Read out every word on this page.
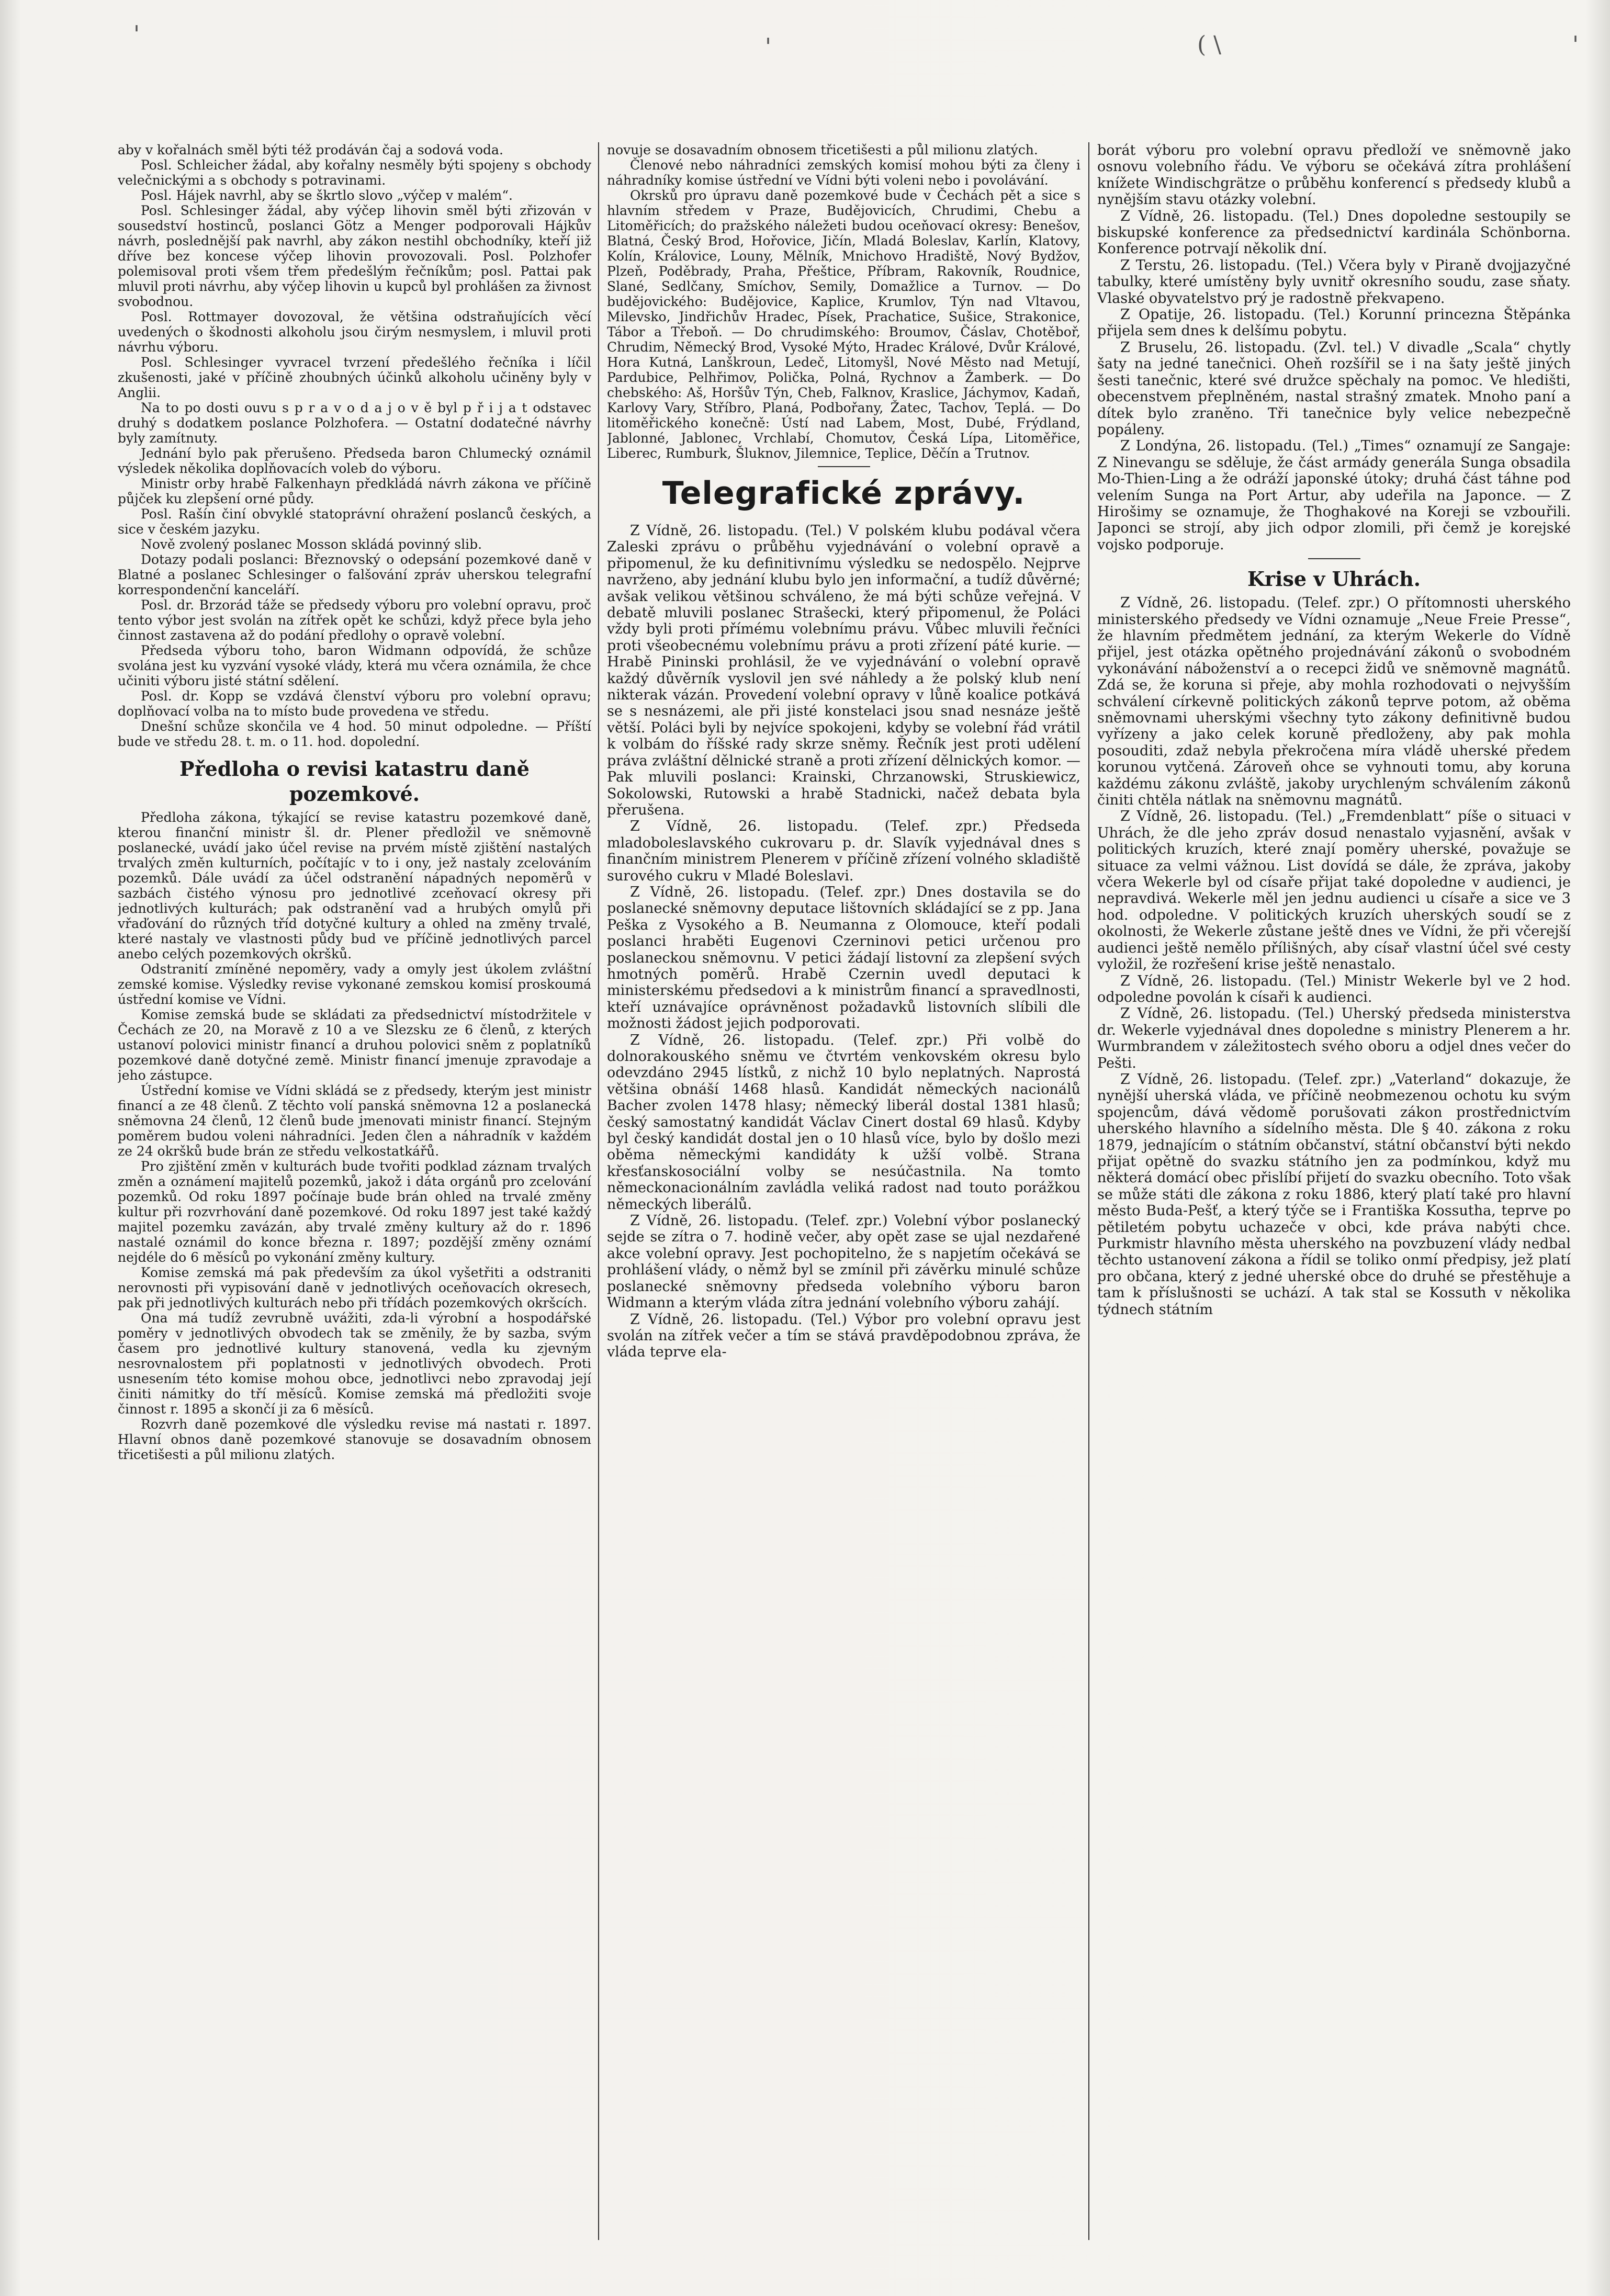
'	'	( \	'

aby v kořalnách směl býti též prodáván čaj a sodová voda.

Posl. Schleicher žádal, aby kořalny nesměly býti spojeny s obchody velečnickými a s obchody s potravinami.

Posl. Hájek navrhl, aby se škrtlo slovo „výčep v malém“.

Posl. Schlesinger žádal, aby výčep lihovin směl býti zřizován v sousedství hostinců, poslanci Götz a Menger podporovali Hájkův návrh, poslednější pak navrhl, aby zákon nestihl obchodníky, kteří již dříve bez koncese výčep lihovin provozovali. Posl. Polzhofer polemisoval proti všem třem předešlým řečníkům; posl. Pattai pak mluvil proti návrhu, aby výčep lihovin u kupců byl prohlášen za živnost svobodnou.

Posl. Rottmayer dovozoval, že většina odstraňujících věcí uvedených o škodnosti alkoholu jsou čirým nesmyslem, i mluvil proti návrhu výboru.

Posl. Schlesinger vyvracel tvrzení předešlého řečníka i líčil zkušenosti, jaké v příčině zhoubných účinků alkoholu učiněny byly v Anglii.

Na to po dosti ouvu s p r a v o d a j o v ě byl p ř i j a t odstavec druhý s dodatkem poslance Polzhofera. — Ostatní dodatečné návrhy byly zamítnuty.

Jednání bylo pak přerušeno. Předseda baron Chlumecký oznámil výsledek několika doplňovacích voleb do výboru.

Ministr orby hrabě Falkenhayn předkládá návrh zákona ve příčině půjček ku zlepšení orné půdy.

Posl. Rašín činí obvyklé statoprávní ohražení poslanců českých, a sice v českém jazyku.

Nově zvolený poslanec Mosson skládá povinný slib.

Dotazy podali poslanci: Březnovský o odepsání pozemkové daně v Blatné a poslanec Schlesinger o falšování zpráv uherskou telegrafní korrespondenční kanceláří.

Posl. dr. Brzorád táže se předsedy výboru pro volební opravu, proč tento výbor jest svolán na zítřek opět ke schůzi, když přece byla jeho činnost zastavena až do podání předlohy o opravě volební.

Předseda výboru toho, baron Widmann odpovídá, že schůze svolána jest ku vyzvání vysoké vlády, která mu včera oznámila, že chce učiniti výboru jisté státní sdělení.

Posl. dr. Kopp se vzdává členství výboru pro volební opravu; doplňovací volba na to místo bude provedena ve středu.

Dnešní schůze skončila ve 4 hod. 50 minut odpoledne. — Příští bude ve středu 28. t. m. o 11. hod. dopolední.

Předloha o revisi katastru daně pozemkové.

Předloha zákona, týkající se revise katastru pozemkové daně, kterou finanční ministr šl. dr. Plener předložil ve sněmovně poslanecké, uvádí jako účel revise na prvém místě zjištění nastalých trvalých změn kulturních, počítajíc v to i ony, jež nastaly zcelováním pozemků. Dále uvádí za účel odstranění nápadných nepoměrů v sazbách čistého výnosu pro jednotlivé zceňovací okresy při jednotlivých kulturách; pak odstranění vad a hrubých omylů při vřaďování do různých tříd dotyčné kultury a ohled na změny trvalé, které nastaly ve vlastnosti půdy bud ve příčině jednotlivých parcel anebo celých pozemkových okršků.

Odstranití zmíněné nepoměry, vady a omyly jest úkolem zvláštní zemské komise. Výsledky revise vykonané zemskou komisí proskoumá ústřední komise ve Vídni.

Komise zemská bude se skládati za předsednictví místodržitele v Čechách ze 20, na Moravě z 10 a ve Slezsku ze 6 členů, z kterých ustanoví polovici ministr financí a druhou polovici sněm z poplatníků pozemkové daně dotyčné země. Ministr financí jmenuje zpravodaje a jeho zástupce.

Ústřední komise ve Vídni skládá se z předsedy, kterým jest ministr financí a ze 48 členů. Z těchto volí panská sněmovna 12 a poslanecká sněmovna 24 členů, 12 členů bude jmenovati ministr financí. Stejným poměrem budou voleni náhradníci. Jeden člen a náhradník v každém ze 24 okršků bude brán ze středu velkostatkářů.

Pro zjištění změn v kulturách bude tvořiti podklad záznam trvalých změn a oznámení majitelů pozemků, jakož i dáta orgánů pro zcelování pozemků. Od roku 1897 počínaje bude brán ohled na trvalé změny kultur při rozvrhování daně pozemkové. Od roku 1897 jest také každý majitel pozemku zavázán, aby trvalé změny kultury až do r. 1896 nastalé oznámil do konce března r. 1897; pozdější změny oznámí nejdéle do 6 měsíců po vykonání změny kultury.

Komise zemská má pak především za úkol vyšetřiti a odstraniti nerovnosti při vypisování daně v jednotlivých oceňovacích okresech, pak při jednotlivých kulturách nebo při třídách pozemkových okršcích.

Ona má tudíž zevrubně uvážiti, zda-li výrobní a hospodářské poměry v jednotlivých obvodech tak se změnily, že by sazba, svým časem pro jednotlivé kultury stanovená, vedla ku zjevným nesrovnalostem při poplatnosti v jednotlivých obvodech. Proti usnesením této komise mohou obce, jednotlivci nebo zpravodaj její činiti námitky do tří měsíců. Komise zemská má předložiti svoje činnost r. 1895 a skončí ji za 6 měsíců.

Rozvrh daně pozemkové dle výsledku revise má nastati r. 1897. Hlavní obnos daně pozemkové stanovuje se dosavadním obnosem třicetišesti a půl milionu zlatých.

novuje se dosavadním obnosem třicetišesti a půl milionu zlatých.

Členové nebo náhradníci zemských komisí mohou býti za členy i náhradníky komise ústřední ve Vídni býti voleni nebo i povolávání.

Okrsků pro úpravu daně pozemkové bude v Čechách pět a sice s hlavním středem v Praze, Budějovicích, Chrudimi, Chebu a Litoměřicích; do pražského náležeti budou oceňovací okresy: Benešov, Blatná, Český Brod, Hořovice, Jičín, Mladá Boleslav, Karlín, Klatovy, Kolín, Královice, Louny, Mělník, Mnichovo Hradiště, Nový Bydžov, Plzeň, Poděbrady, Praha, Přeštice, Příbram, Rakovník, Roudnice, Slané, Sedlčany, Smíchov, Semily, Domažlice a Turnov. — Do budějovického: Budějovice, Kaplice, Krumlov, Týn nad Vltavou, Milevsko, Jindřichův Hradec, Písek, Prachatice, Sušice, Strakonice, Tábor a Třeboň. — Do chrudimského: Broumov, Čáslav, Chotěboř, Chrudim, Německý Brod, Vysoké Mýto, Hradec Králové, Dvůr Králové, Hora Kutná, Lanškroun, Ledeč, Litomyšl, Nové Město nad Metují, Pardubice, Pelhřimov, Polička, Polná, Rychnov a Žamberk. — Do chebského: Aš, Horšův Týn, Cheb, Falknov, Kraslice, Jáchymov, Kadaň, Karlovy Vary, Stříbro, Planá, Podbořany, Žatec, Tachov, Teplá. — Do litoměřického konečně: Ústí nad Labem, Most, Dubé, Frýdland, Jablonné, Jablonec, Vrchlabí, Chomutov, Česká Lípa, Litoměřice, Liberec, Rumburk, Šluknov, Jilemnice, Teplice, Děčín a Trutnov.

Telegrafické zprávy.

Z Vídně, 26. listopadu. (Tel.) V polském klubu podával včera Zaleski zprávu o průběhu vyjednávání o volební opravě a připomenul, že ku definitivnímu výsledku se nedospělo. Nejprve navrženo, aby jednání klubu bylo jen informační, a tudíž důvěrné; avšak velikou většinou schváleno, že má býti schůze veřejná. V debatě mluvili poslanec Strašecki, který připomenul, že Poláci vždy byli proti přímému volebnímu právu. Vůbec mluvili řečníci proti všeobecnému volebnímu právu a proti zřízení páté kurie. — Hrabě Pininski prohlásil, že ve vyjednávání o volební opravě každý důvěrník vyslovil jen své náhledy a že polský klub není nikterak vázán. Provedení volební opravy v lůně koalice potkává se s nesnázemi, ale při jisté konstelaci jsou snad nesnáze ještě větší. Poláci byli by nejvíce spokojeni, kdyby se volební řád vrátil k volbám do říšské rady skrze sněmy. Řečník jest proti udělení práva zvláštní dělnické straně a proti zřízení dělnických komor. — Pak mluvili poslanci: Krainski, Chrzanowski, Struskiewicz, Sokolowski, Rutowski a hrabě Stadnicki, načež debata byla přerušena.

Z Vídně, 26. listopadu. (Telef. zpr.) Předseda mladoboleslavského cukrovaru p. dr. Slavík vyjednával dnes s finančním ministrem Plenerem v příčině zřízení volného skladiště surového cukru v Mladé Boleslavi.

Z Vídně, 26. listopadu. (Telef. zpr.) Dnes dostavila se do poslanecké sněmovny deputace lištovních skládající se z pp. Jana Peška z Vysokého a B. Neumanna z Olomouce, kteří podali poslanci hraběti Eugenovi Czerninovi petici určenou pro poslaneckou sněmovnu. V petici žádají listovní za zlepšení svých hmotných poměrů. Hrabě Czernin uvedl deputaci k ministerskému předsedovi a k ministrům financí a spravedlnosti, kteří uznávajíce oprávněnost požadavků listovních slíbili dle možnosti žádost jejich podporovati.

Z Vídně, 26. listopadu. (Telef. zpr.) Při volbě do dolnorakouského sněmu ve čtvrtém venkovském okresu bylo odevzdáno 2945 lístků, z nichž 10 bylo neplatných. Naprostá většina obnáší 1468 hlasů. Kandidát německých nacionálů Bacher zvolen 1478 hlasy; německý liberál dostal 1381 hlasů; český samostatný kandidát Václav Cinert dostal 69 hlasů. Kdyby byl český kandidát dostal jen o 10 hlasů více, bylo by došlo mezi oběma německými kandidáty k užší volbě. Strana křesťanskosociální volby se nesúčastnila. Na tomto německonacionálním zavládla veliká radost nad touto porážkou německých liberálů.

Z Vídně, 26. listopadu. (Telef. zpr.) Volební výbor poslanecký sejde se zítra o 7. hodině večer, aby opět zase se ujal nezdařené akce volební opravy. Jest pochopitelno, že s napjetím očekává se prohlášení vlády, o němž byl se zmínil při závěrku minulé schůze poslanecké sněmovny předseda volebního výboru baron Widmann a kterým vláda zítra jednání volebního výboru zahájí.

Z Vídně, 26. listopadu. (Tel.) Výbor pro volební opravu jest svolán na zítřek večer a tím se stává pravděpodobnou zpráva, že vláda teprve ela-

borát výboru pro volební opravu předloží ve sněmovně jako osnovu volebního řádu. Ve výboru se očekává zítra prohlášení knížete Windischgrätze o průběhu konferencí s předsedy klubů a nynějším stavu otázky volební.

Z Vídně, 26. listopadu. (Tel.) Dnes dopoledne sestoupily se biskupské konference za předsednictví kardinála Schönborna. Konference potrvají několik dní.

Z Terstu, 26. listopadu. (Tel.) Včera byly v Piraně dvojjazyčné tabulky, které umístěny byly uvnitř okresního soudu, zase sňaty. Vlaské obyvatelstvo prý je radostně překvapeno.

Z Opatije, 26. listopadu. (Tel.) Korunní princezna Štěpánka přijela sem dnes k delšímu pobytu.

Z Bruselu, 26. listopadu. (Zvl. tel.) V divadle „Scala“ chytly šaty na jedné tanečnici. Oheň rozšířil se i na šaty ještě jiných šesti tanečnic, které své družce spěchaly na pomoc. Ve hledišti, obecenstvem přeplněném, nastal strašný zmatek. Mnoho paní a dítek bylo zraněno. Tři tanečnice byly velice nebezpečně popáleny.

Z Londýna, 26. listopadu. (Tel.) „Times“ oznamují ze Sangaje: Z Ninevangu se sděluje, že část armády generála Sunga obsadila Mo-Thien-Ling a že odráží japonské útoky; druhá část táhne pod velením Sunga na Port Artur, aby udeřila na Japonce. — Z Hirošimy se oznamuje, že Thoghakové na Koreji se vzbouřili. Japonci se strojí, aby jich odpor zlomili, při čemž je korejské vojsko podporuje.

Krise v Uhrách.

Z Vídně, 26. listopadu. (Telef. zpr.) O přítomnosti uherského ministerského předsedy ve Vídni oznamuje „Neue Freie Presse“, že hlavním předmětem jednání, za kterým Wekerle do Vídně přijel, jest otázka opětného projednávání zákonů o svobodném vykonávání náboženství a o recepci židů ve sněmovně magnátů. Zdá se, že koruna si přeje, aby mohla rozhodovati o nejvyšším schválení církevně politických zákonů teprve potom, až oběma sněmovnami uherskými všechny tyto zákony definitivně budou vyřízeny a jako celek koruně předloženy, aby pak mohla posouditi, zdaž nebyla překročena míra vládě uherské předem korunou vytčená. Zároveň ohce se vyhnouti tomu, aby koruna každému zákonu zvláště, jakoby urychleným schválením zákonů činiti chtěla nátlak na sněmovnu magnátů.

Z Vídně, 26. listopadu. (Tel.) „Fremdenblatt“ píše o situaci v Uhrách, že dle jeho zpráv dosud nenastalo vyjasnění, avšak v politických kruzích, které znají poměry uherské, považuje se situace za velmi vážnou. List dovídá se dále, že zpráva, jakoby včera Wekerle byl od císaře přijat také dopoledne v audienci, je nepravdivá. Wekerle měl jen jednu audienci u císaře a sice ve 3 hod. odpoledne. V politických kruzích uherských soudí se z okolnosti, že Wekerle zůstane ještě dnes ve Vídni, že při včerejší audienci ještě nemělo přílišných, aby císař vlastní účel své cesty vyložil, že rozřešení krise ještě nenastalo.

Z Vídně, 26. listopadu. (Tel.) Ministr Wekerle byl ve 2 hod. odpoledne povolán k císaři k audienci.

Z Vídně, 26. listopadu. (Tel.) Uherský předseda ministerstva dr. Wekerle vyjednával dnes dopoledne s ministry Plenerem a hr. Wurmbrandem v záležitostech svého oboru a odjel dnes večer do Pešti.

Z Vídně, 26. listopadu. (Telef. zpr.) „Vaterland“ dokazuje, že nynější uherská vláda, ve příčině neobmezenou ochotu ku svým spojencům, dává vědomě porušovati zákon prostřednictvím uherského hlavního a sídelního města. Dle § 40. zákona z roku 1879, jednajícím o státním občanství, státní občanství býti nekdo přijat opětně do svazku státního jen za podmínkou, když mu některá domácí obec přislíbí přijetí do svazku obecního. Toto však se může státi dle zákona z roku 1886, který platí také pro hlavní město Buda-Pešť, a který týče se i Františka Kossutha, teprve po pětiletém pobytu uchazeče v obci, kde práva nabýti chce. Purkmistr hlavního města uherského na povzbuzení vlády nedbal těchto ustanovení zákona a řídil se toliko onmí předpisy, jež platí pro občana, který z jedné uherské obce do druhé se přestěhuje a tam k příslušnosti se uchází. A tak stal se Kossuth v několika týdnech státním
